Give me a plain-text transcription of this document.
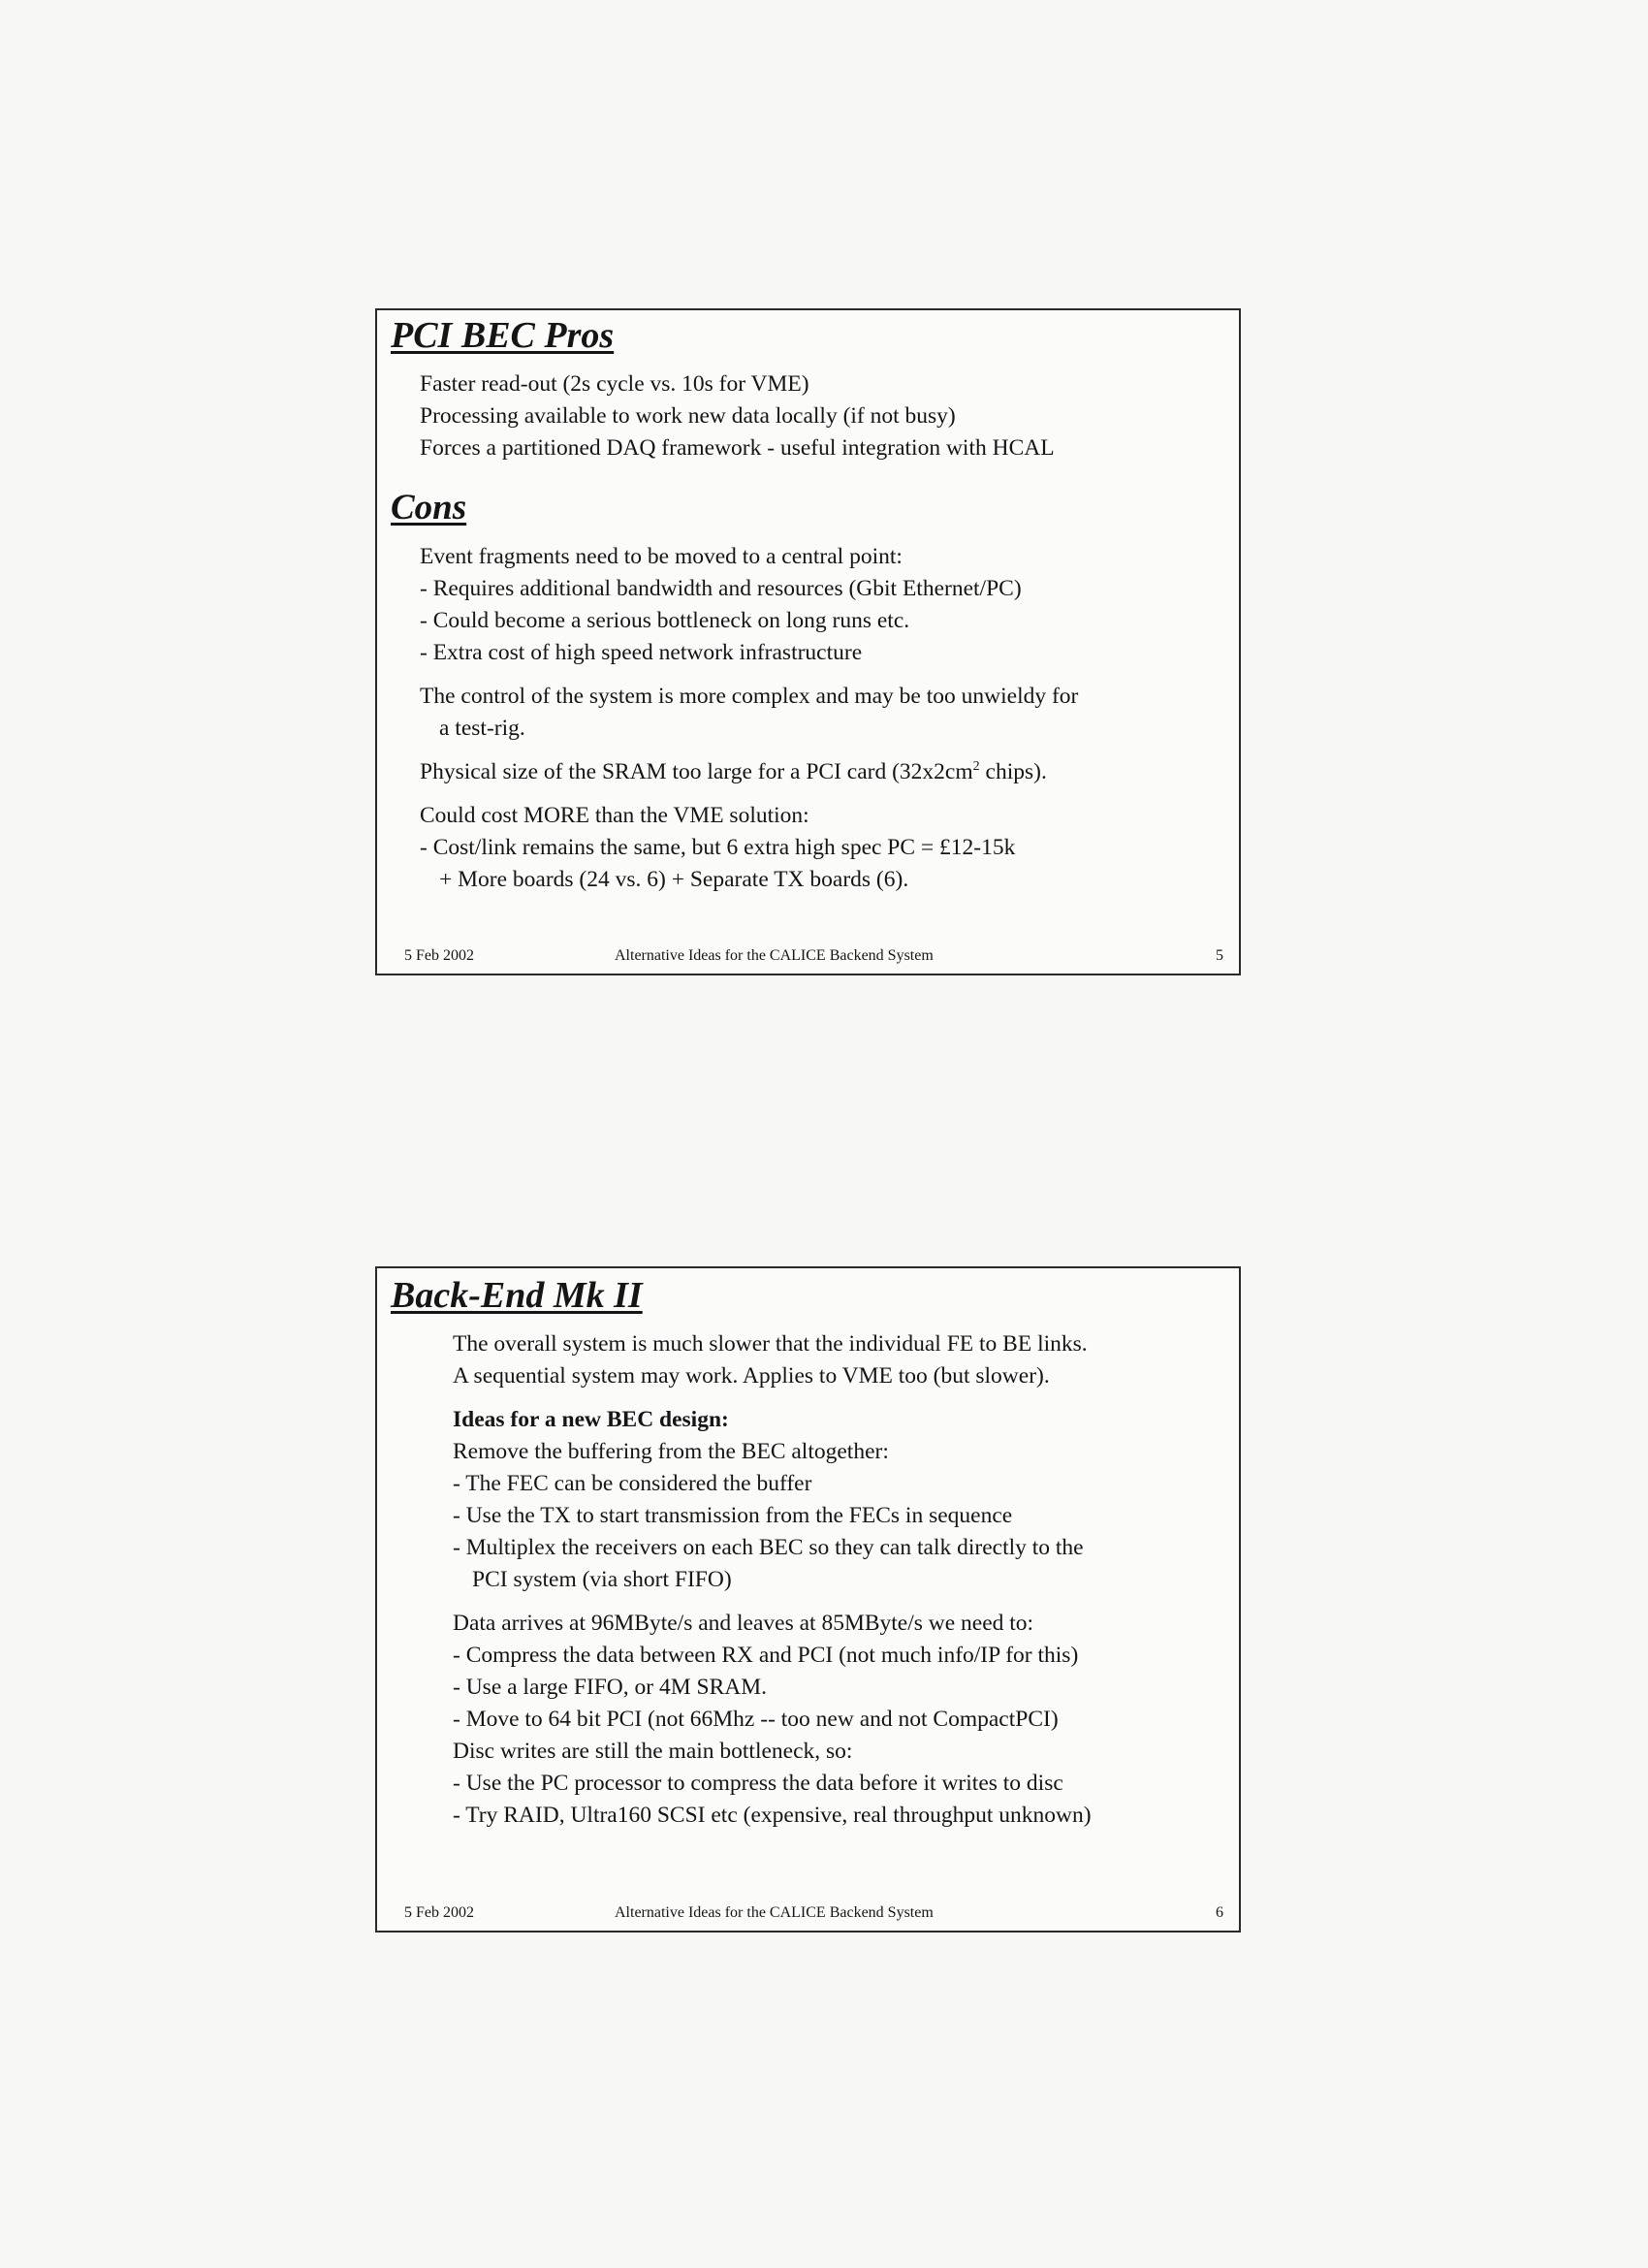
PCI BEC Pros
Faster read-out (2s cycle vs. 10s for VME)
Processing available to work new data locally (if not busy)
Forces a partitioned DAQ framework - useful integration with HCAL
Cons
Event fragments need to be moved to a central point:
- Requires additional bandwidth and resources (Gbit Ethernet/PC)
- Could become a serious bottleneck on long runs etc.
- Extra cost of high speed network infrastructure
The control of the system is more complex and may be too unwieldy for
a test-rig.
Physical size of the SRAM too large for a PCI card ($32x2cm^2$ chips).
Could cost MORE than the VME solution:
- Cost/link remains the same, but 6 extra high spec PC = £12-15k
+ More boards (24 vs. 6) + Separate TX boards (6).
5 Feb 2002	Alternative Ideas for the CALICE Backend System	5
Back-End Mk II
The overall system is much slower that the individual FE to BE links.
A sequential system may work. Applies to VME too (but slower).
Ideas for a new BEC design:
Remove the buffering from the BEC altogether:
- The FEC can be considered the buffer
- Use the TX to start transmission from the FECs in sequence
- Multiplex the receivers on each BEC so they can talk directly to the
PCI system (via short FIFO)
Data arrives at 96MByte/s and leaves at 85MByte/s we need to:
- Compress the data between RX and PCI (not much info/IP for this)
- Use a large FIFO, or 4M SRAM.
- Move to 64 bit PCI (not 66Mhz -- too new and not CompactPCI)
Disc writes are still the main bottleneck, so:
- Use the PC processor to compress the data before it writes to disc
- Try RAID, Ultra160 SCSI etc (expensive, real throughput unknown)
5 Feb 2002	Alternative Ideas for the CALICE Backend System	6
